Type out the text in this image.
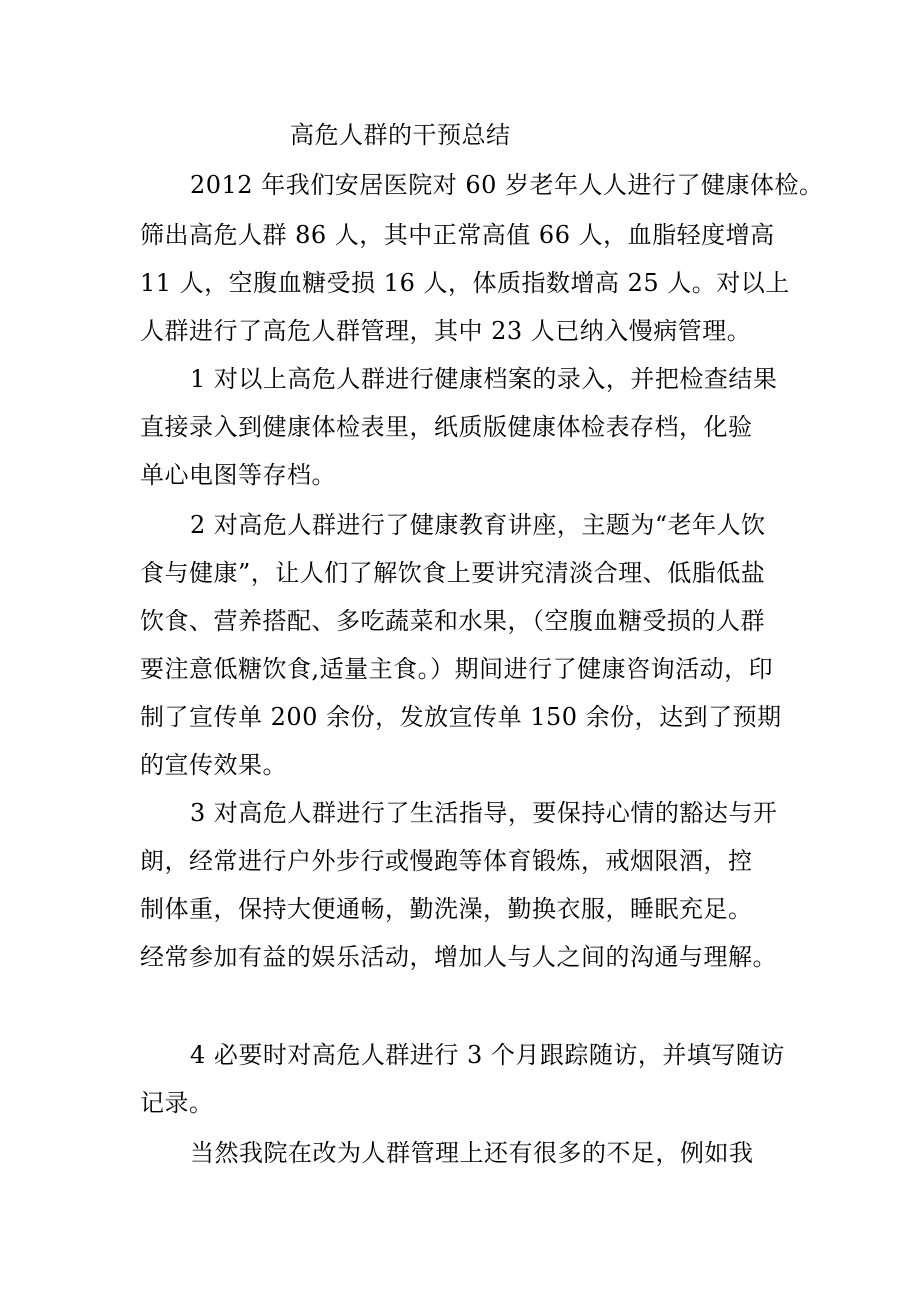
高危人群的干预总结
2012 年我们安居医院对 60 岁老年人人进行了健康体检。
筛出高危人群 86 人，其中正常高值 66 人，血脂轻度增高
11 人，空腹血糖受损 16 人，体质指数增高 25 人。对以上
人群进行了高危人群管理，其中 23 人已纳入慢病管理。
1 对以上高危人群进行健康档案的录入，并把检查结果
直接录入到健康体检表里，纸质版健康体检表存档，化验
单心电图等存档。
2 对高危人群进行了健康教育讲座，主题为“老年人饮
食与健康”，让人们了解饮食上要讲究清淡合理、低脂低盐
饮食、营养搭配、多吃蔬菜和水果，（空腹血糖受损的人群
要注意低糖饮食,适量主食。）期间进行了健康咨询活动，印
制了宣传单 200 余份，发放宣传单 150 余份，达到了预期
的宣传效果。
3 对高危人群进行了生活指导，要保持心情的豁达与开
朗，经常进行户外步行或慢跑等体育锻炼，戒烟限酒，控
制体重，保持大便通畅，勤洗澡，勤换衣服，睡眠充足。
经常参加有益的娱乐活动，增加人与人之间的沟通与理解。
4 必要时对高危人群进行 3 个月跟踪随访，并填写随访
记录。
当然我院在改为人群管理上还有很多的不足，例如我
